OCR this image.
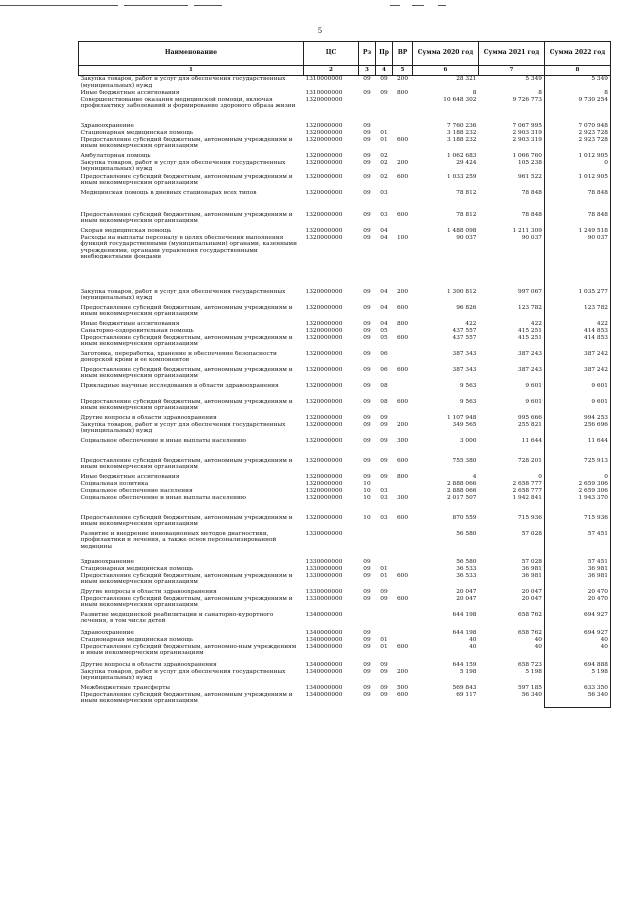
5
Наименование	ЦС	Рз	Пр	ВР	Сумма 2020 год	Сумма 2021 год	Сумма 2022 год
1	2	3	4	5	6	7	8
Закупка товаров, работ и услуг для обеспечения государственных (муниципальных) нужд	1310000000	09	09	200	28 321	5 349	5 349
Иные бюджетные ассигнования	1310000000	09	09	800	8	8	8
Совершенствование оказания медицинской помощи, включая профилактику заболеваний и формирование здорового образа жизни	1320000000				10 648 302	9 726 773	9 730 254
Здравоохранение	1320000000	09			7 760 236	7 067 995	7 070 948
Стационарная медицинская помощь	1320000000	09	01		3 188 232	2 903 319	2 923 728
Предоставление субсидий бюджетным, автономным учреждениям и иным некоммерческим организациям	1320000000	09	01	600	3 188 232	2 903 319	2 923 728
Амбулаторная помощь	1320000000	09	02		1 062 683	1 066 760	1 012 905
Закупка товаров, работ и услуг для обеспечения государственных (муниципальных) нужд	1320000000	09	02	200	29 424	105 238	0
Предоставление субсидий бюджетным, автономным учреждениям и иным некоммерческим организациям	1320000000	09	02	600	1 033 259	961 522	1 012 905
Медицинская помощь в дневных стационарах всех типов	1320000000	09	03		78 812	78 848	78 848
Предоставление субсидий бюджетным, автономным учреждениям и иным некоммерческим организациям	1320000000	09	03	600	78 812	78 848	78 848
Скорая медицинская помощь	1320000000	09	04		1 488 098	1 211 309	1 249 518
Расходы на выплаты персоналу в целях обеспечения выполнения функций государственными (муниципальными) органами, казенными учреждениями, органами управления государственными внебюджетными фондами	1320000000	09	04	100	90 037	90 037	90 037
Закупка товаров, работ и услуг для обеспечения государственных (муниципальных) нужд	1320000000	09	04	200	1 300 812	997 067	1 035 277
Предоставление субсидий бюджетным, автономным учреждениям и иным некоммерческим организациям	1320000000	09	04	600	96 826	123 782	123 782
Иные бюджетные ассигнования	1320000000	09	04	800	422	422	422
Санаторно-оздоровительная помощь	1320000000	09	05		437 557	415 251	414 853
Предоставление субсидий бюджетным, автономным учреждениям и иным некоммерческим организациям	1320000000	09	05	600	437 557	415 251	414 853
Заготовка, переработка, хранение и обеспечение безопасности донорской крови и ее компонентов	1320000000	09	06		387 343	387 243	387 242
Предоставление субсидий бюджетным, автономным учреждениям и иным некоммерческим организациям	1320000000	09	06	600	387 343	387 243	387 242
Прикладные научные исследования в области здравоохранения	1320000000	09	08		9 563	9 601	9 601
Предоставление субсидий бюджетным, автономным учреждениям и иным некоммерческим организациям	1320000000	09	08	600	9 563	9 601	9 601
Другие вопросы в области здравоохранения	1320000000	09	09		1 107 948	995 666	994 253
Закупка товаров, работ и услуг для обеспечения государственных (муниципальных) нужд	1320000000	09	09	200	349 565	255 821	256 696
Социальное обеспечение и иные выплаты населению	1320000000	09	09	300	3 000	11 644	11 644
Предоставление субсидий бюджетным, автономным учреждениям и иным некоммерческим организациям	1320000000	09	09	600	755 380	728 201	725 913
Иные бюджетные ассигнования	1320000000	09	09	800	4	0	0
Социальная политика	1320000000	10			2 888 066	2 658 777	2 659 306
Социальное обеспечение населения	1320000000	10	03		2 888 066	2 658 777	2 659 306
Социальное обеспечение и иные выплаты населению	1320000000	10	03	300	2 017 507	1 942 841	1 943 370
Предоставление субсидий бюджетным, автономным учреждениям и иным некоммерческим организациям	1320000000	10	03	600	870 559	715 936	715 936
Развитие и внедрение инновационных методов диагностики, профилактики и лечения, а также основ персонализированной медицины	1330000000				56 580	57 028	57 451
Здравоохранение	1330000000	09			56 580	57 028	57 451
Стационарная медицинская помощь	1330000000	09	01		36 533	36 981	36 981
Предоставление субсидий бюджетным, автономным учреждениям и иным некоммерческим организациям	1330000000	09	01	600	36 533	36 981	36 981
Другие вопросы в области здравоохранения	1330000000	09	09		20 047	20 047	20 470
Предоставление субсидий бюджетным, автономным учреждениям и иным некоммерческим организациям	1330000000	09	09	600	20 047	20 047	20 470
Развитие медицинской реабилитации и санаторно-курортного лечения, в том числе детей	1340000000				644 198	658 762	694 927
Здравоохранение	1340000000	09			644 198	658 762	694 927
Стационарная медицинская помощь	1340000000	09	01		40	40	40
Предоставление субсидий бюджетным, автономно-ным учреждениям и иным некоммерческим организациям	1340000000	09	01	600	40	40	40
Другие вопросы в области здравоохранения	1340000000	09	09		644 159	658 723	694 888
Закупка товаров, работ и услуг для обеспечения государственных (муниципальных) нужд	1340000000	09	09	200	5 198	5 198	5 198
Межбюджетные трансферты	1340000000	09	09	500	569 843	597 185	633 350
Предоставление субсидий бюджетным, автономным учреждениям и иным некоммерческим организациям	1340000000	09	09	600	69 117	56 340	56 340
